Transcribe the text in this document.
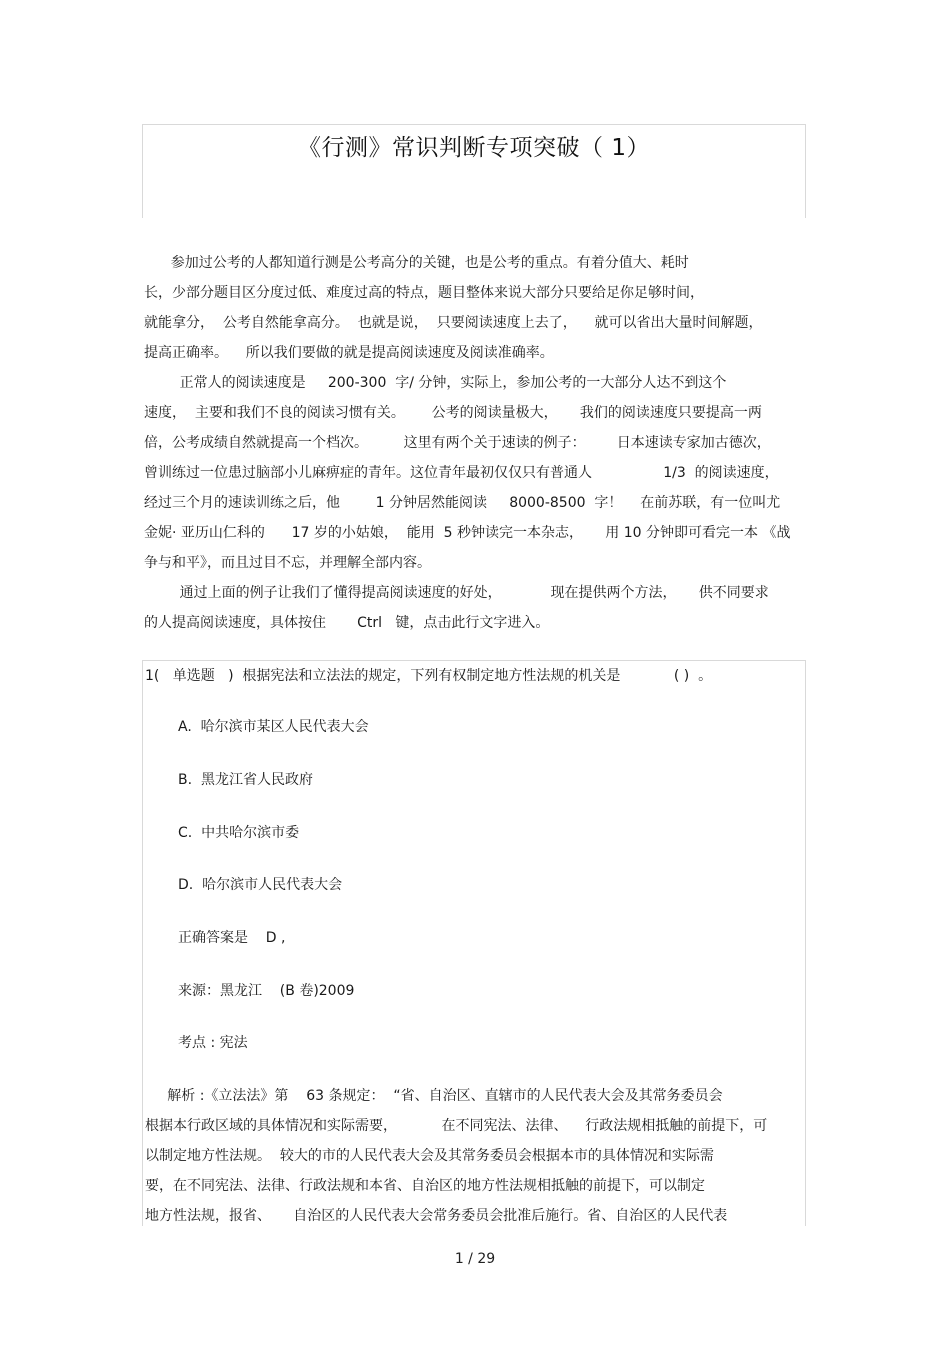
《行测》常识判断专项突破（ 1）

参加过公考的人都知道行测是公考高分的关键，也是公考的重点。有着分值大、耗时

长，少部分题目区分度过低、难度过高的特点，题目整体来说大部分只要给足你足够时间，

就能拿分，  公考自然能拿高分。  也就是说，  只要阅读速度上去了，    就可以省出大量时间解题，

提高正确率。    所以我们要做的就是提高阅读速度及阅读准确率。

正常人的阅读速度是     200-300  字/ 分钟，实际上，参加公考的一大部分人达不到这个

速度，  主要和我们不良的阅读习惯有关。      公考的阅读量极大，     我们的阅读速度只要提高一两

倍，公考成绩自然就提高一个档次。        这里有两个关于速读的例子：       日本速读专家加古德次，

曾训练过一位患过脑部小儿麻痹症的青年。这位青年最初仅仅只有普通人                1/3  的阅读速度，

经过三个月的速读训练之后，他        1 分钟居然能阅读     8000-8500  字！    在前苏联，有一位叫尤

金妮· 亚历山仁科的      17 岁的小姑娘，  能用  5 秒钟读完一本杂志，     用 10 分钟即可看完一本 《战

争与和平》，而且过目不忘，并理解全部内容。

通过上面的例子让我们了懂得提高阅读速度的好处，           现在提供两个方法，     供不同要求

的人提高阅读速度，具体按住       Ctrl   键，点击此行文字进入。

1(   单选题   )  根据宪法和立法法的规定，下列有权制定地方性法规的机关是            ( )  。
A.  哈尔滨市某区人民代表大会
B.  黑龙江省人民政府
C.  中共哈尔滨市委
D.  哈尔滨市人民代表大会
正确答案是    D ,
来源：黑龙江    (B 卷)2009
考点 : 宪法

解析 :《立法法》第    63 条规定：  “省、自治区、直辖市的人民代表大会及其常务委员会

根据本行政区域的具体情况和实际需要，          在不同宪法、法律、    行政法规相抵触的前提下，可

以制定地方性法规。  较大的市的人民代表大会及其常务委员会根据本市的具体情况和实际需

要，在不同宪法、法律、行政法规和本省、自治区的地方性法规相抵触的前提下，可以制定

地方性法规，报省、     自治区的人民代表大会常务委员会批准后施行。省、自治区的人民代表

1 / 29
